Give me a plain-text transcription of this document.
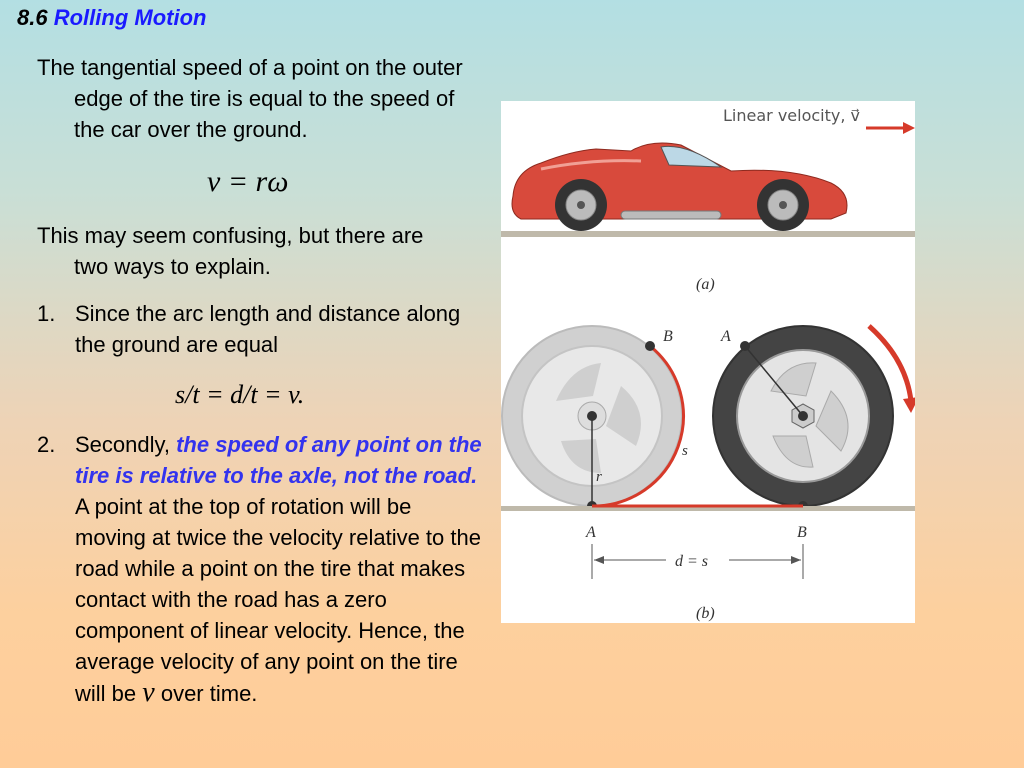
8.6 Rolling Motion
The tangential speed of a point on the outer edge of the tire is equal to the speed of the car over the ground.
v = rω
This may seem confusing, but there are two ways to explain.
1. Since the arc length and distance along the ground are equal
s/t = d/t = v.
2. Secondly, the speed of any point on the tire is relative to the axle, not the road. A point at the top of rotation will be moving at twice the velocity relative to the road while a point on the tire that makes contact with the road has a zero component of linear velocity. Hence, the average velocity of any point on the tire will be v over time.
Linear velocity, v⃗
(a)
r
s
B
A
A
B
d = s
(b)
